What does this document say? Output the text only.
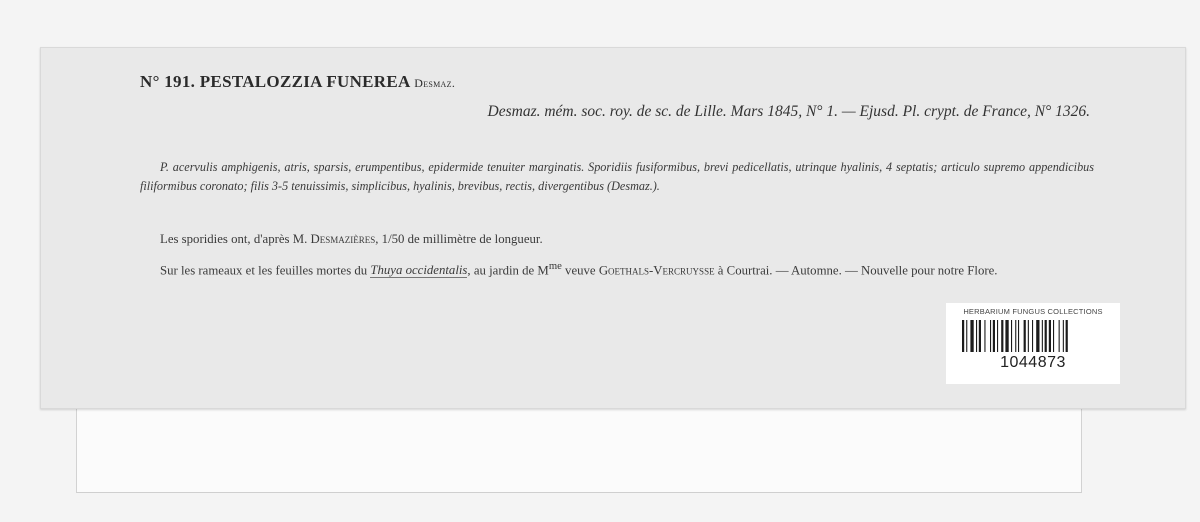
N° 191. PESTALOZZIA FUNEREA Desmaz.
Desmaz. mém. soc. roy. de sc. de Lille. Mars 1845, N° 1. — Ejusd. Pl. crypt. de France, N° 1326.
P. acervulis amphigenis, atris, sparsis, erumpentibus, epidermide tenuiter marginatis. Sporidiis fusiformibus, brevi pedicellatis, utrinque hyalinis, 4 septatis; articulo supremo appendicibus filiformibus coronato; filis 3-5 tenuissimis, simplicibus, hyalinis, brevibus, rectis, divergentibus (Desmaz.).
Les sporidies ont, d'après M. Desmazières, 1/50 de millimètre de longueur.
Sur les rameaux et les feuilles mortes du Thuya occidentalis, au jardin de $M^{me}$ veuve Goethals-Vercruysse à Courtrai. — Automne. — Nouvelle pour notre Flore.
HERBARIUM FUNGUS COLLECTIONS
1044873
